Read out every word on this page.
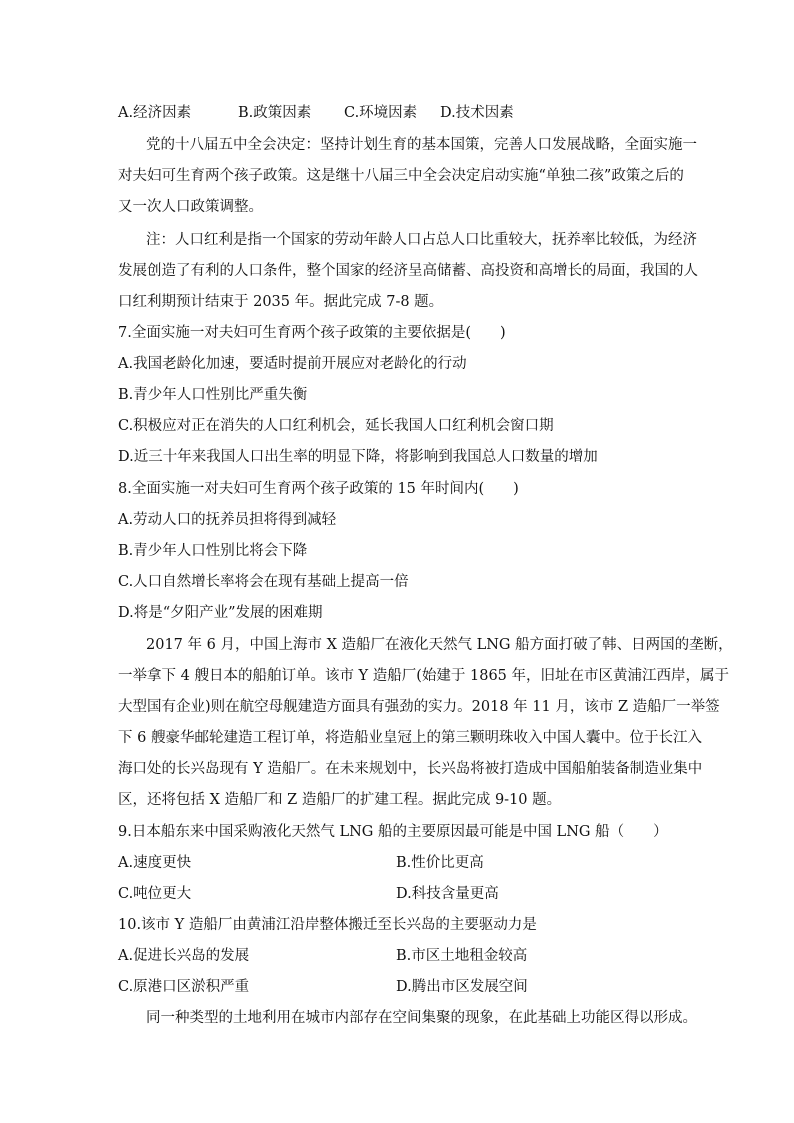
A.经济因素	B.政策因素 C.环境因素 D.技术因素
党的十八届五中全会决定：坚持计划生育的基本国策，完善人口发展战略，全面实施一
对夫妇可生育两个孩子政策。这是继十八届三中全会决定启动实施“单独二孩”政策之后的
又一次人口政策调整。
注：人口红利是指一个国家的劳动年龄人口占总人口比重较大，抚养率比较低，为经济
发展创造了有利的人口条件，整个国家的经济呈高储蓄、高投资和高增长的局面，我国的人
口红利期预计结束于 2035 年。据此完成 7-8 题。
7.全面实施一对夫妇可生育两个孩子政策的主要依据是(　　)
A.我国老龄化加速，要适时提前开展应对老龄化的行动
B.青少年人口性别比严重失衡
C.积极应对正在消失的人口红利机会，延长我国人口红利机会窗口期
D.近三十年来我国人口出生率的明显下降，将影响到我国总人口数量的增加
8.全面实施一对夫妇可生育两个孩子政策的 15 年时间内(　　)
A.劳动人口的抚养员担将得到减轻
B.青少年人口性别比将会下降
C.人口自然增长率将会在现有基础上提高一倍
D.将是“夕阳产业”发展的困难期
2017 年 6 月，中国上海市 X 造船厂在液化天然气 LNG 船方面打破了韩、日两国的垄断，
一举拿下 4 艘日本的船舶订单。该市 Y 造船厂(始建于 1865 年，旧址在市区黄浦江西岸，属于
大型国有企业)则在航空母舰建造方面具有强劲的实力。2018 年 11 月，该市 Z 造船厂一举签
下 6 艘豪华邮轮建造工程订单，将造船业皇冠上的第三颗明珠收入中国人囊中。位于长江入
海口处的长兴岛现有 Y 造船厂。在未来规划中，长兴岛将被打造成中国船舶装备制造业集中
区，还将包括 X 造船厂和 Z 造船厂的扩建工程。据此完成 9-10 题。
9.日本船东来中国采购液化天然气 LNG 船的主要原因最可能是中国 LNG 船（　　）
A.速度更快	B.性价比更高
C.吨位更大	D.科技含量更高
10.该市 Y 造船厂由黄浦江沿岸整体搬迁至长兴岛的主要驱动力是
A.促进长兴岛的发展	B.市区土地租金较高
C.原港口区淤积严重	D.腾出市区发展空间
同一种类型的土地利用在城市内部存在空间集聚的现象，在此基础上功能区得以形成。
